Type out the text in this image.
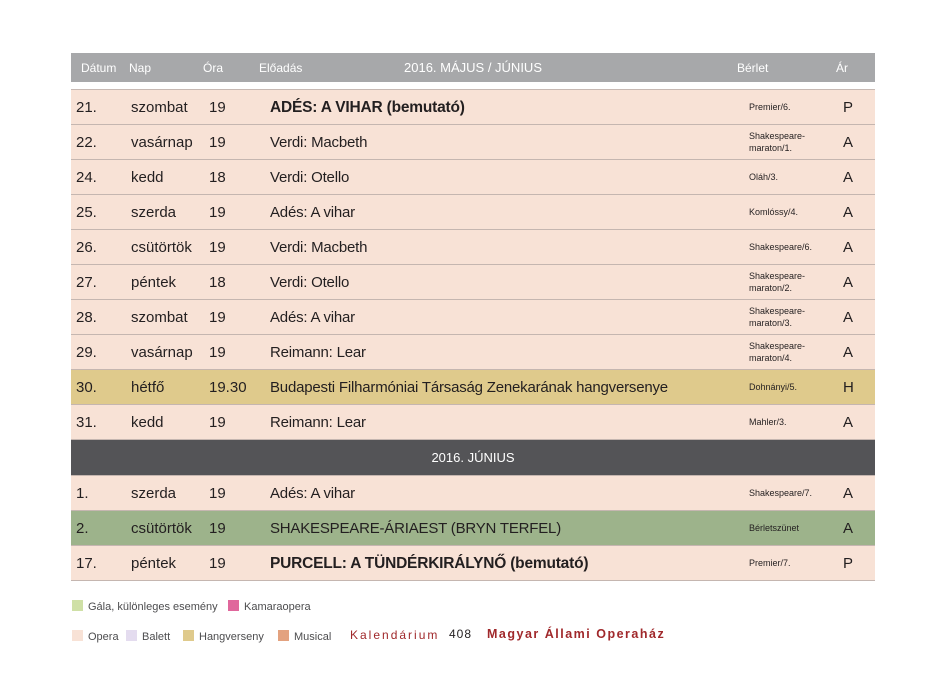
Dátum Nap	Óra	Előadás	2016. MÁJUS / JÚNIUS	Bérlet	Ár
21. szombat 19	ADÉS: A VIHAR (bemutató)	Premier/6.	P
22. vasárnap 19	Verdi: Macbeth	Shakespeare-
maraton/1.	A
24. kedd	18	Verdi: Otello	Oláh/3.	A
25. szerda 19	Adés: A vihar	Komlóssy/4.	A
26. csütörtök 19	Verdi: Macbeth	Shakespeare/6.	A
27. péntek 18	Verdi: Otello	Shakespeare-
maraton/2.	A
28. szombat 19	Adés: A vihar	Shakespeare-
maraton/3.	A
29. vasárnap 19	Reimann: Lear	Shakespeare-
maraton/4.	A
30. hétfő	19.30 Budapesti Filharmóniai Társaság Zenekarának hangversenye	Dohnányi/5.	H
31. kedd	19	Reimann: Lear	Mahler/3.	A
2016. JÚNIUS
1.	szerda 19	Adés: A vihar	Shakespeare/7.	A
2.	csütörtök 19	SHAKESPEARE-ÁRIAEST (BRYN TERFEL)	Bérletszünet	A
17. péntek 19	PURCELL: A TÜNDÉRKIRÁLYNŐ (bemutató)	Premier/7.	P
Gála, különleges esemény	Kamaraopera
Opera	Balett	Hangverseny	Musical Kalendárium 408 Magyar Állami Operaház
